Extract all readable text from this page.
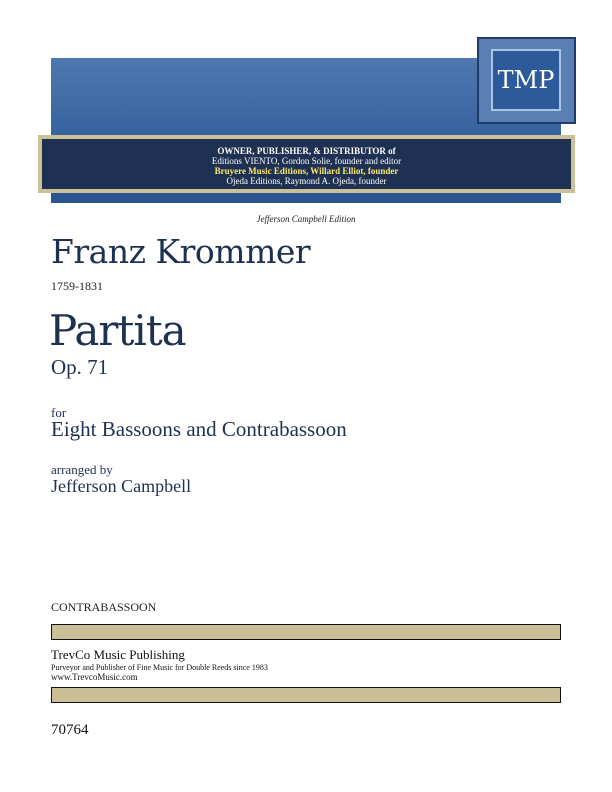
TMP
OWNER, PUBLISHER, & DISTRIBUTOR of
Editions VIENTO, Gordon Solie, founder and editor
Bruyere Music Editions, Willard Elliot, founder
Ojeda Editions, Raymond A. Ojeda, founder
Jefferson Campbell Edition
Franz Krommer
1759-1831
Partita
Op. 71
for
Eight Bassoons and Contrabassoon
arranged by
Jefferson Campbell
CONTRABASSOON
TrevCo Music Publishing
Purveyor and Publisher of Fine Music for Double Reeds since 1983
www.TrevcoMusic.com
70764
